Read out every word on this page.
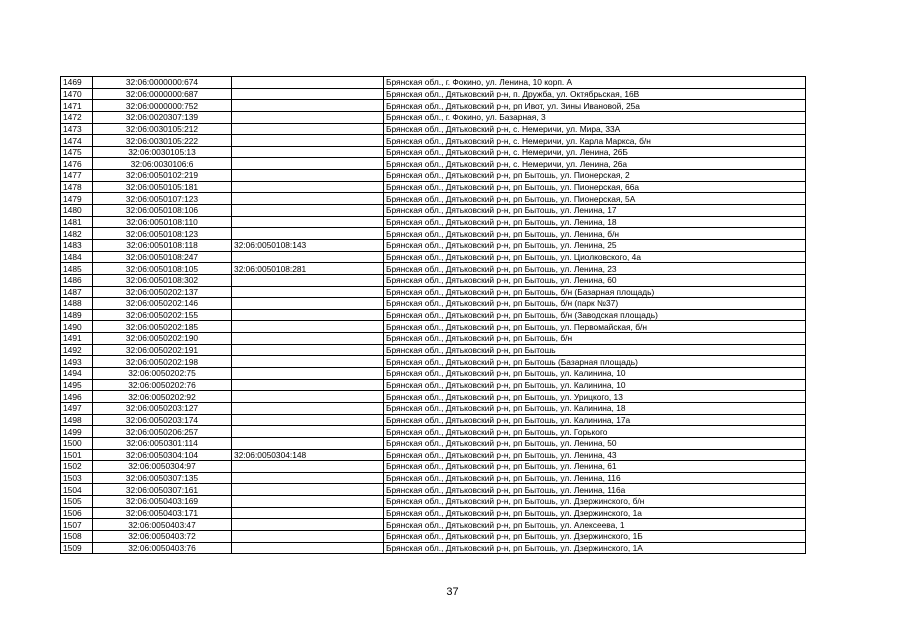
1469	32:06:0000000:674		Брянская обл., г. Фокино, ул. Ленина, 10 корп. А
1470	32:06:0000000:687		Брянская обл., Дятьковский р-н, п. Дружба, ул. Октябрьская, 16В
1471	32:06:0000000:752		Брянская обл., Дятьковский р-н, рп Ивот, ул. Зины Ивановой, 25а
1472	32:06:0020307:139		Брянская обл., г. Фокино, ул. Базарная, 3
1473	32:06:0030105:212		Брянская обл., Дятьковский р-н, с. Немеричи, ул. Мира, 33А
1474	32:06:0030105:222		Брянская обл., Дятьковский р-н, с. Немеричи, ул. Карла Маркса, б/н
1475	32:06:0030105:13		Брянская обл., Дятьковский р-н, с. Немеричи, ул. Ленина, 26Б
1476	32:06:0030106:6		Брянская обл., Дятьковский р-н, с. Немеричи, ул. Ленина, 26а
1477	32:06:0050102:219		Брянская обл., Дятьковский р-н, рп Бытошь, ул. Пионерская, 2
1478	32:06:0050105:181		Брянская обл., Дятьковский р-н, рп Бытошь, ул. Пионерская, 66а
1479	32:06:0050107:123		Брянская обл., Дятьковский р-н, рп Бытошь, ул. Пионерская, 5А
1480	32:06:0050108:106		Брянская обл., Дятьковский р-н, рп Бытошь, ул. Ленина, 17
1481	32:06:0050108:110		Брянская обл., Дятьковский р-н, рп Бытошь, ул. Ленина, 18
1482	32:06:0050108:123		Брянская обл., Дятьковский р-н, рп Бытошь, ул. Ленина, б/н
1483	32:06:0050108:118	32:06:0050108:143	Брянская обл., Дятьковский р-н, рп Бытошь, ул. Ленина, 25
1484	32:06:0050108:247		Брянская обл., Дятьковский р-н, рп Бытошь, ул. Циолковского, 4а
1485	32:06:0050108:105	32:06:0050108:281	Брянская обл., Дятьковский р-н, рп Бытошь, ул. Ленина, 23
1486	32:06:0050108:302		Брянская обл., Дятьковский р-н, рп Бытошь, ул. Ленина, 60
1487	32:06:0050202:137		Брянская обл., Дятьковский р-н, рп Бытошь, б/н (Базарная площадь)
1488	32:06:0050202:146		Брянская обл., Дятьковский р-н, рп Бытошь, б/н (парк №37)
1489	32:06:0050202:155		Брянская обл., Дятьковский р-н, рп Бытошь, б/н (Заводская площадь)
1490	32:06:0050202:185		Брянская обл., Дятьковский р-н, рп Бытошь, ул. Первомайская, б/н
1491	32:06:0050202:190		Брянская обл., Дятьковский р-н, рп Бытошь, б/н
1492	32:06:0050202:191		Брянская обл., Дятьковский р-н, рп Бытошь
1493	32:06:0050202:198		Брянская обл., Дятьковский р-н, рп Бытошь (Базарная площадь)
1494	32:06:0050202:75		Брянская обл., Дятьковский р-н, рп Бытошь, ул. Калинина, 10
1495	32:06:0050202:76		Брянская обл., Дятьковский р-н, рп Бытошь, ул. Калинина, 10
1496	32:06:0050202:92		Брянская обл., Дятьковский р-н, рп Бытошь, ул. Урицкого, 13
1497	32:06:0050203:127		Брянская обл., Дятьковский р-н, рп Бытошь, ул. Калинина, 18
1498	32:06:0050203:174		Брянская обл., Дятьковский р-н, рп Бытошь, ул. Калинина, 17а
1499	32:06:0050206:257		Брянская обл., Дятьковский р-н, рп Бытошь, ул. Горького
1500	32:06:0050301:114		Брянская обл., Дятьковский р-н, рп Бытошь, ул. Ленина, 50
1501	32:06:0050304:104	32:06:0050304:148	Брянская обл., Дятьковский р-н, рп Бытошь, ул. Ленина, 43
1502	32:06:0050304:97		Брянская обл., Дятьковский р-н, рп Бытошь, ул. Ленина, 61
1503	32:06:0050307:135		Брянская обл., Дятьковский р-н, рп Бытошь, ул. Ленина, 116
1504	32:06:0050307:161		Брянская обл., Дятьковский р-н, рп Бытошь, ул. Ленина, 116а
1505	32:06:0050403:169		Брянская обл., Дятьковский р-н, рп Бытошь, ул. Дзержинского, б/н
1506	32:06:0050403:171		Брянская обл., Дятьковский р-н, рп Бытошь, ул. Дзержинского, 1а
1507	32:06:0050403:47		Брянская обл., Дятьковский р-н, рп Бытошь, ул. Алексеева, 1
1508	32:06:0050403:72		Брянская обл., Дятьковский р-н, рп Бытошь, ул. Дзержинского, 1Б
1509	32:06:0050403:76		Брянская обл., Дятьковский р-н, рп Бытошь, ул. Дзержинского, 1А
37
